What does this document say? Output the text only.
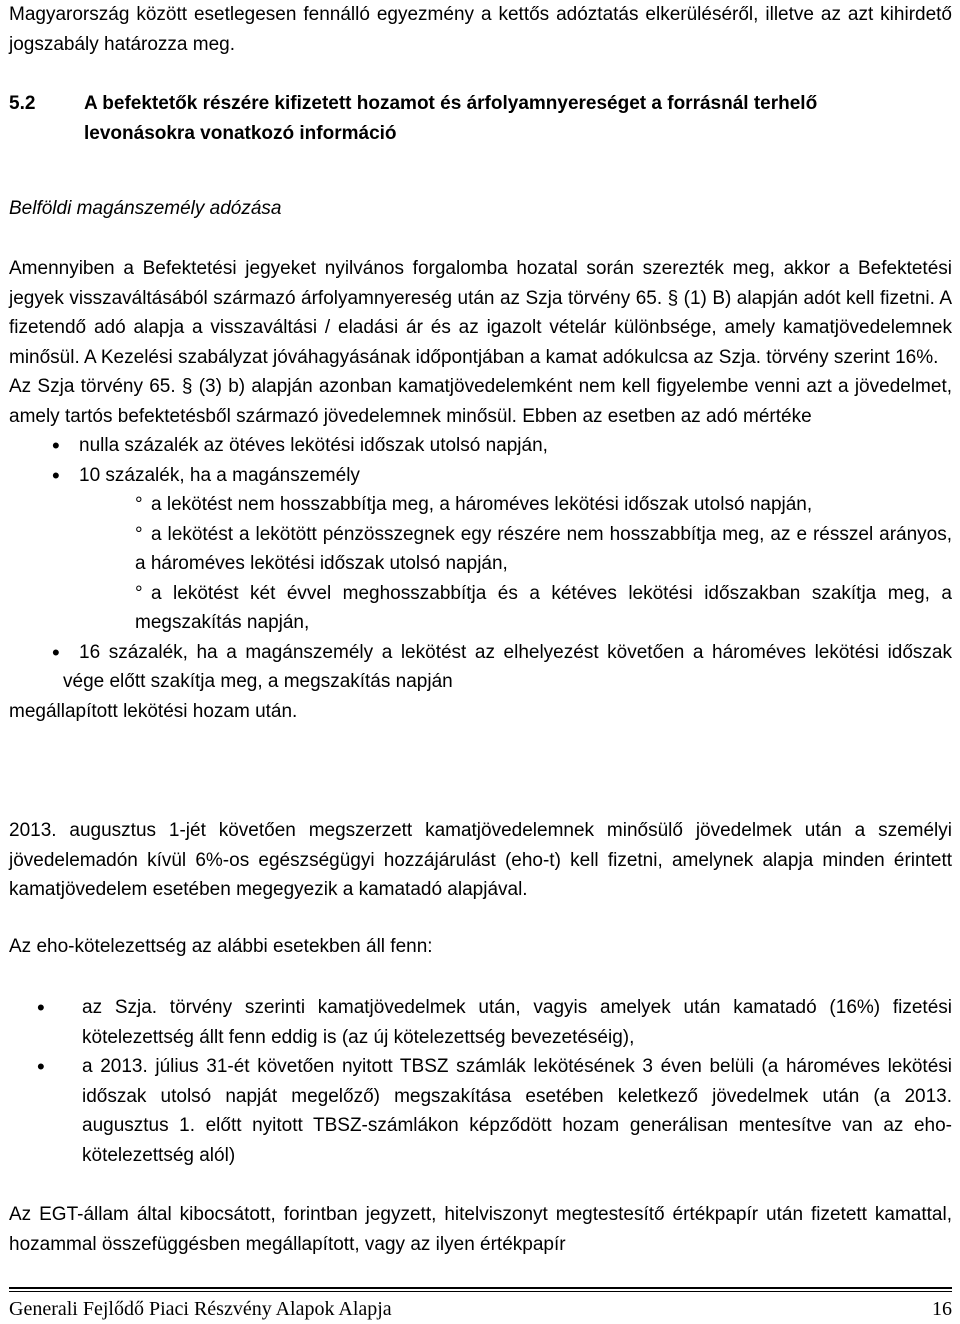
Magyarország között esetlegesen fennálló egyezmény a kettős adóztatás elkerüléséről, illetve az azt kihirdető jogszabály határozza meg.

5.2	A befektetők részére kifizetett hozamot és árfolyamnyereséget a forrásnál terhelő
levonásokra vonatkozó információ
Belföldi magánszemély adózása

Amennyiben a Befektetési jegyeket nyilvános forgalomba hozatal során szerezték meg, akkor a Befektetési jegyek visszaváltásából származó árfolyamnyereség után az Szja törvény 65. § (1) B) alapján adót kell fizetni. A fizetendő adó alapja a visszaváltási / eladási ár és az igazolt vételár különbsége, amely kamatjövedelemnek minősül. A Kezelési szabályzat jóváhagyásának időpontjában a kamat adókulcsa az Szja. törvény szerint 16%.

Az Szja törvény 65. § (3) b) alapján azonban kamatjövedelemként nem kell figyelembe venni azt a jövedelmet, amely tartós befektetésből származó jövedelemnek minősül. Ebben az esetben az adó mértéke

• nulla százalék az ötéves lekötési időszak utolsó napján,
• 10 százalék, ha a magánszemély
° a lekötést nem hosszabbítja meg, a hároméves lekötési időszak utolsó napján,
° a lekötést a lekötött pénzösszegnek egy részére nem hosszabbítja meg, az e résszel arányos, a hároméves lekötési időszak utolsó napján,
° a lekötést két évvel meghosszabbítja és a kétéves lekötési időszakban szakítja meg, a megszakítás napján,
• 16 százalék, ha a magánszemély a lekötést az elhelyezést követően a hároméves lekötési időszak vége előtt szakítja meg, a megszakítás napján

megállapított lekötési hozam után.

2013. augusztus 1-jét követően megszerzett kamatjövedelemnek minősülő jövedelmek után a személyi jövedelemadón kívül 6%-os egészségügyi hozzájárulást (eho-t) kell fizetni, amelynek alapja minden érintett kamatjövedelem esetében megegyezik a kamatadó alapjával.

Az eho-kötelezettség az alábbi esetekben áll fenn:

• az Szja. törvény szerinti kamatjövedelmek után, vagyis amelyek után kamatadó (16%) fizetési kötelezettség állt fenn eddig is (az új kötelezettség bevezetéséig),
• a 2013. július 31-ét követően nyitott TBSZ számlák lekötésének 3 éven belüli (a hároméves lekötési időszak utolsó napját megelőző) megszakítása esetében keletkező jövedelmek után (a 2013. augusztus 1. előtt nyitott TBSZ-számlákon képződött hozam generálisan mentesítve van az eho-kötelezettség alól)

Az EGT-állam által kibocsátott, forintban jegyzett, hitelviszonyt megtestesítő értékpapír után fizetett kamattal, hozammal összefüggésben megállapított, vagy az ilyen értékpapír

Generali Fejlődő Piaci Részvény Alapok Alapja	16
